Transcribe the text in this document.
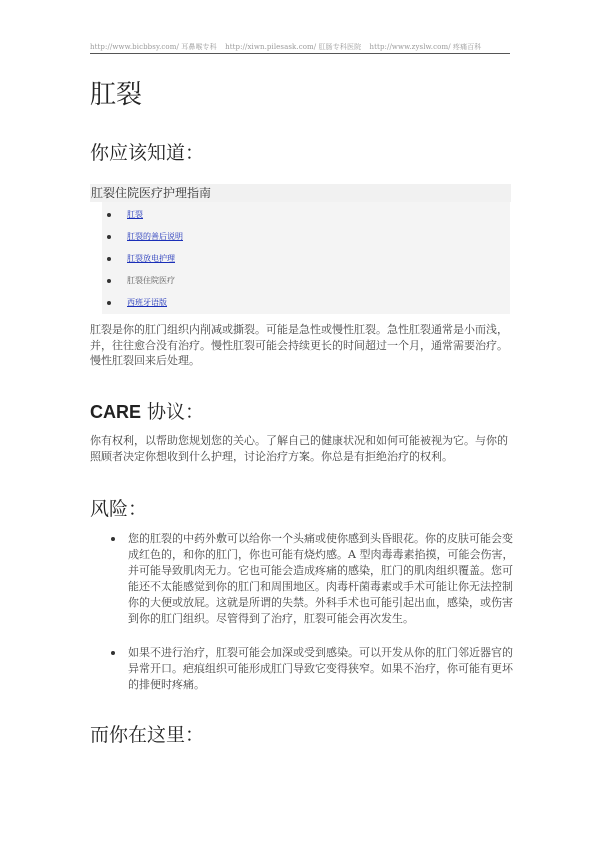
http://www.bicbbsy.com/ 耳鼻喉专科 http://xiwn.pilesask.com/ 肛肠专科医院 http://www.zyslw.com/ 疼痛百科
肛裂
你应该知道：
肛裂住院医疗护理指南
肛裂
肛裂的善后说明
肛裂放电护理
肛裂住院医疗
西班牙语版

肛裂是你的肛门组织内削减或撕裂。可能是急性或慢性肛裂。急性肛裂通常是小而浅，并，往往愈合没有治疗。慢性肛裂可能会持续更长的时间超过一个月，通常需要治疗。慢性肛裂回来后处理。

CARE 协议：

你有权利，以帮助您规划您的关心。了解自己的健康状况和如何可能被视为它。与你的照顾者决定你想收到什么护理，讨论治疗方案。你总是有拒绝治疗的权利。

风险：

您的肛裂的中药外敷可以给你一个头痛或使你感到头昏眼花。你的皮肤可能会变成红色的，和你的肛门，你也可能有烧灼感。A 型肉毒毒素掐摸，可能会伤害，并可能导致肌肉无力。它也可能会造成疼痛的感染，肛门的肌肉组织覆盖。您可能还不太能感觉到你的肛门和周围地区。肉毒杆菌毒素或手术可能让你无法控制你的大便或放屁。这就是所谓的失禁。外科手术也可能引起出血，感染，或伤害到你的肛门组织。尽管得到了治疗，肛裂可能会再次发生。

如果不进行治疗，肛裂可能会加深或受到感染。可以开发从你的肛门邻近器官的异常开口。疤痕组织可能形成肛门导致它变得狭窄。如果不治疗，你可能有更坏的排便时疼痛。

而你在这里：
